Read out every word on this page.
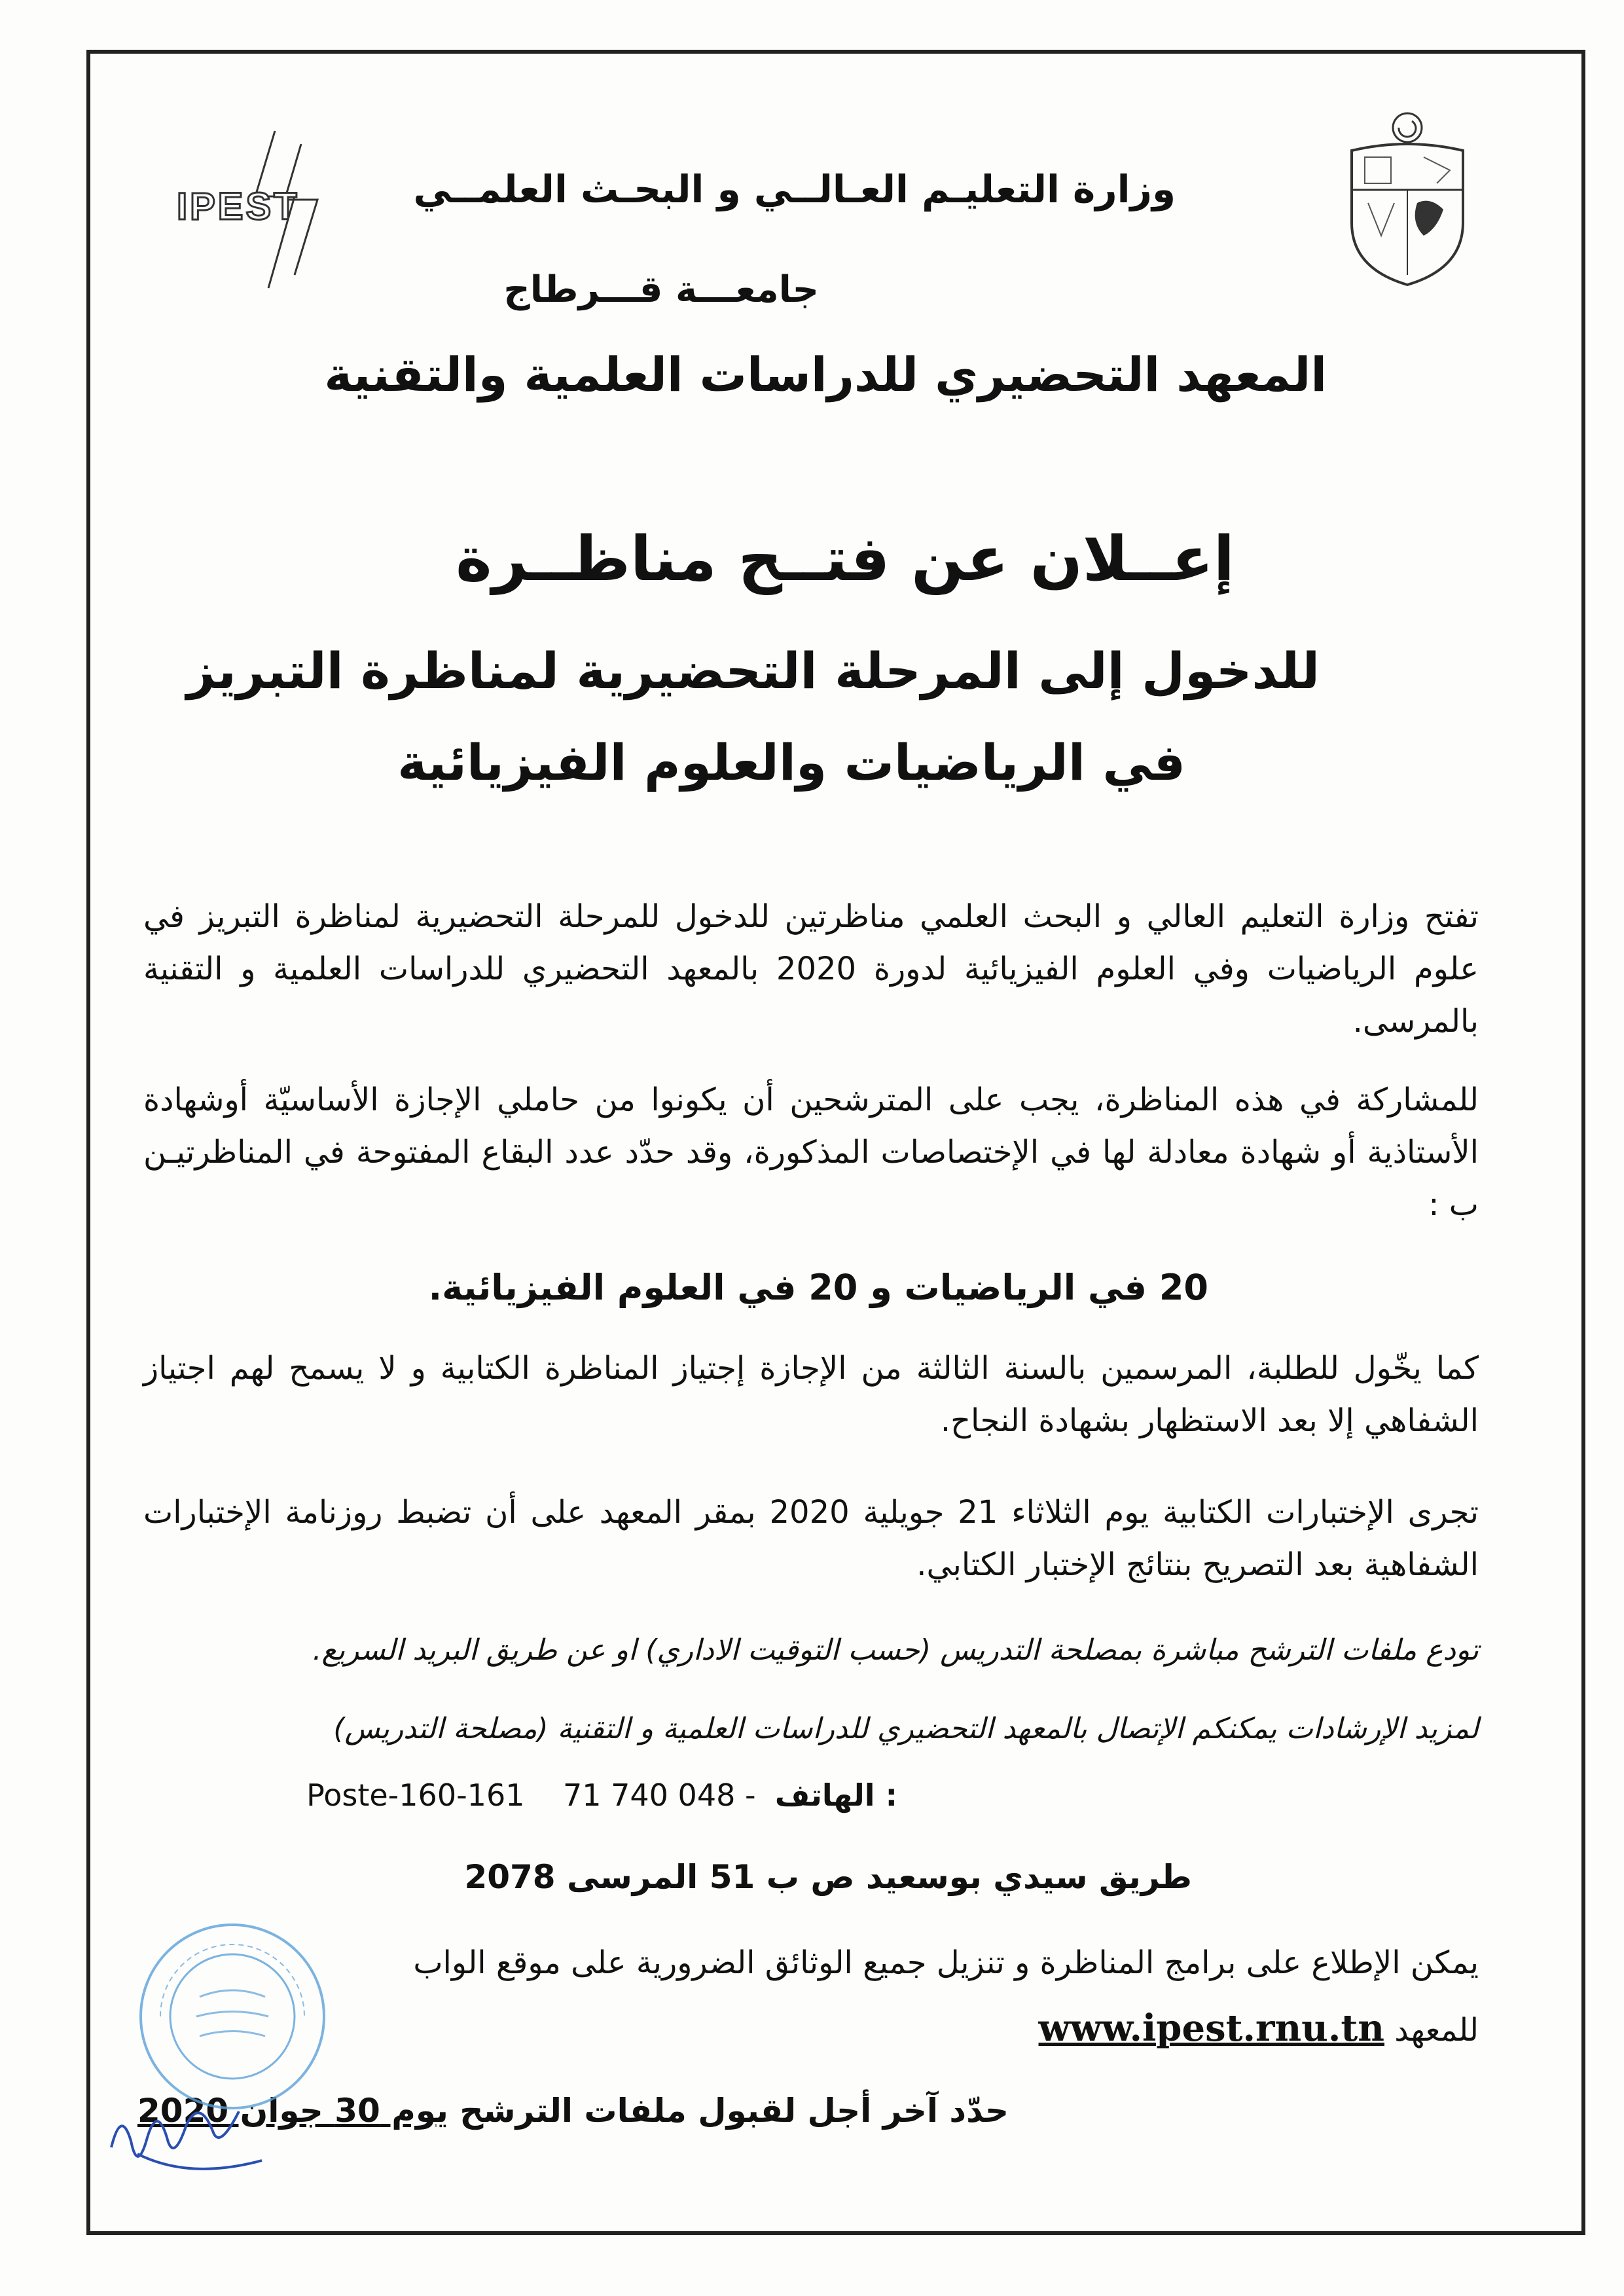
IPEST	وزارة التعليـم العـالــي و البحـث العلمــي

جامعـــة قـــرطاج

المعهد التحضيري للدراسات العلمية والتقنية

إعــلان عن فتــح مناظــرة
للدخول إلى المرحلة التحضيرية لمناظرة التبريز
في الرياضيات والعلوم الفيزيائية

تفتح وزارة التعليم العالي و البحث العلمي مناظرتين للدخول للمرحلة التحضيرية لمناظرة التبريز في علوم الرياضيات وفي العلوم الفيزيائية لدورة 2020 بالمعهد التحضيري للدراسات العلمية و التقنية بالمرسى.

للمشاركة في هذه المناظرة، يجب على المترشحين أن يكونوا من حاملي الإجازة الأساسيّة أوشهادة الأستاذية أو شهادة معادلة لها في الإختصاصات المذكورة، وقد حدّد عدد البقاع المفتوحة في المناظرتيـن ب :

20 في الرياضيات و 20 في العلوم الفيزيائية.

كما يخّول للطلبة، المرسمين بالسنة الثالثة من الإجازة إجتياز المناظرة الكتابية و لا يسمح لهم اجتياز الشفاهي إلا بعد الاستظهار بشهادة النجاح.

تجرى الإختبارات الكتابية يوم الثلاثاء 21 جويلية 2020 بمقر المعهد على أن تضبط روزنامة الإختبارات الشفاهية بعد التصريح بنتائج الإختبار الكتابي.

تودع ملفات الترشح مباشرة بمصلحة التدريس (حسب التوقيت الاداري) او عن طريق البريد السريع.

لمزيد الإرشادات يمكنكم الإتصال بالمعهد التحضيري للدراسات العلمية و التقنية (مصلحة التدريس)

Poste-160-161 71 740 048 - الهاتف :

طريق سيدي بوسعيد ص ب 51 المرسى 2078

يمكن الإطلاع على برامج المناظرة و تنزيل جميع الوثائق الضرورية على موقع الواب

للمعهد www.ipest.rnu.tn

حدّد آخر أجل لقبول ملفات الترشح يوم 30 جوان 2020
